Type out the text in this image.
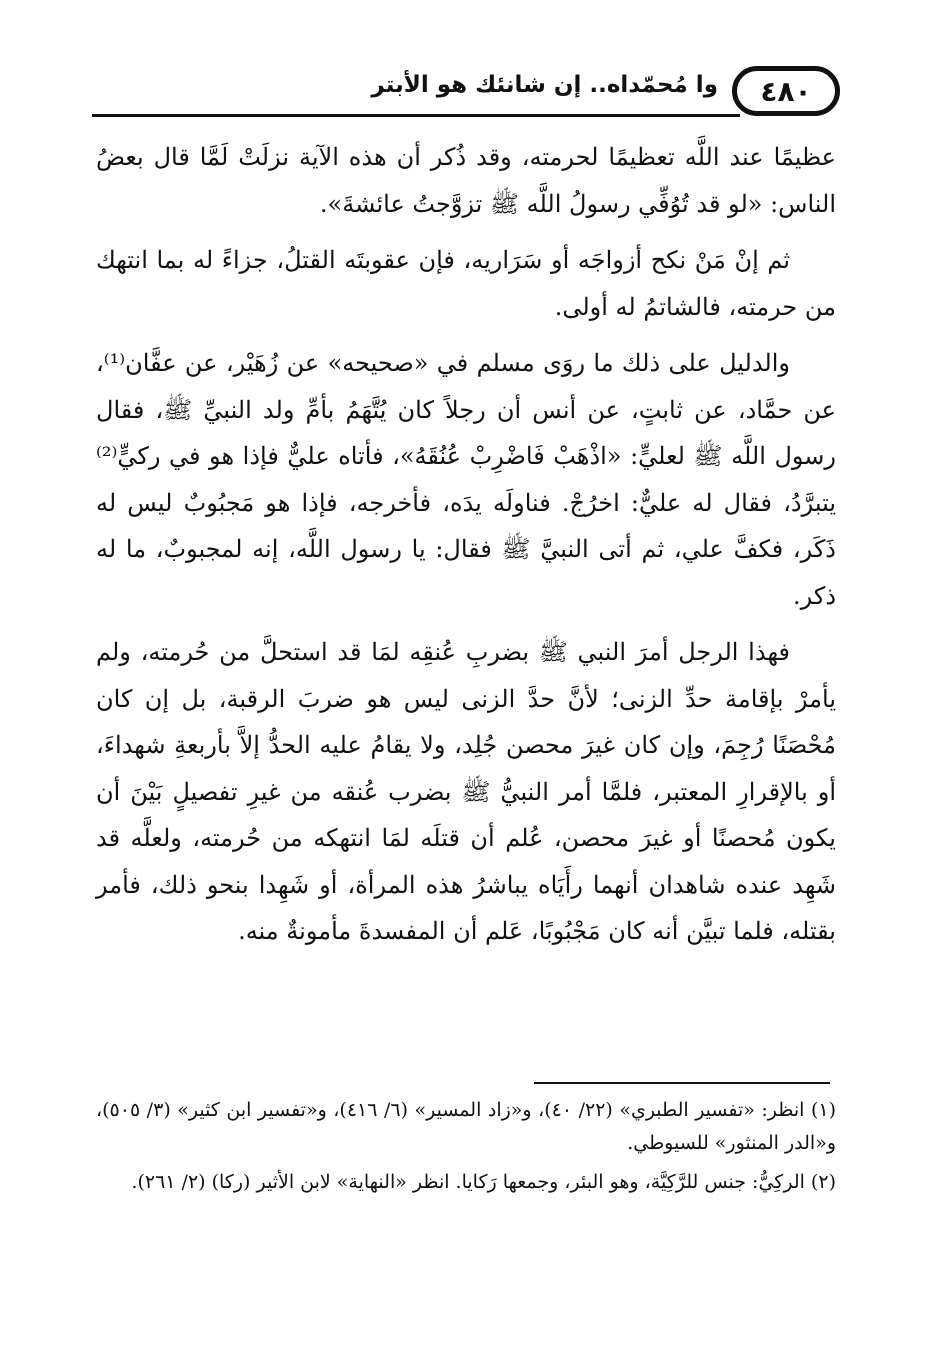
٤٨٠
وا مُحمّداه.. إن شانئك هو الأبتر

عظيمًا عند اللَّه تعظيمًا لحرمته، وقد ذُكر أن هذه الآية نزلَتْ لَمَّا قال بعضُ الناس: «لو قد تُوُفِّي رسولُ اللَّه ﷺ تزوَّجتُ عائشةَ».

ثم إنْ مَنْ نكح أزواجَه أو سَرَاريه، فإن عقوبتَه القتلُ، جزاءً له بما انتهك من حرمته، فالشاتمُ له أولى.

والدليل على ذلك ما روَى مسلم في «صحيحه» عن زُهَيْر، عن عفَّان⁽¹⁾، عن حمَّاد، عن ثابتٍ، عن أنس أن رجلاً كان يُتَّهَمُ بأمِّ ولد النبيِّ ﷺ، فقال رسول اللَّه ﷺ لعليٍّ: «اذْهَبْ فَاضْرِبْ عُنُقَهُ»، فأتاه عليٌّ فإذا هو في ركيٍّ⁽²⁾ يتبرَّدُ، فقال له عليٌّ: اخرُجْ. فناولَه يدَه، فأخرجه، فإذا هو مَجبُوبٌ ليس له ذَكَر، فكفَّ علي، ثم أتى النبيَّ ﷺ فقال: يا رسول اللَّه، إنه لمجبوبٌ، ما له ذكر.

فهذا الرجل أمرَ النبي ﷺ بضربِ عُنقِه لمَا قد استحلَّ من حُرمته، ولم يأمرْ بإقامة حدِّ الزنى؛ لأنَّ حدَّ الزنى ليس هو ضربَ الرقبة، بل إن كان مُحْصَنًا رُجِمَ، وإن كان غيرَ محصن جُلِد، ولا يقامُ عليه الحدُّ إلاَّ بأربعةِ شهداءَ، أو بالإقرارِ المعتبر، فلمَّا أمر النبيُّ ﷺ بضرب عُنقه من غيرِ تفصيلٍ بَيْنَ أن يكون مُحصنًا أو غيرَ محصن، عُلم أن قتلَه لمَا انتهكه من حُرمته، ولعلَّه قد شَهِد عنده شاهدان أنهما رأَيَاه يباشرُ هذه المرأة، أو شَهِدا بنحو ذلك، فأمر بقتله، فلما تبيَّن أنه كان مَجْبُوبًا، عَلم أن المفسدةَ مأمونةٌ منه.

(١) انظر: «تفسير الطبري» (٢٢/ ٤٠)، و«زاد المسير» (٦/ ٤١٦)، و«تفسير ابن كثير» (٣/ ٥٠٥)، و«الدر المنثور» للسيوطي.

(٢) الركِيُّ: جنس للرَّكِيَّة، وهو البئر، وجمعها رَكايا. انظر «النهاية» لابن الأثير (ركا) (٢/ ٢٦١).
